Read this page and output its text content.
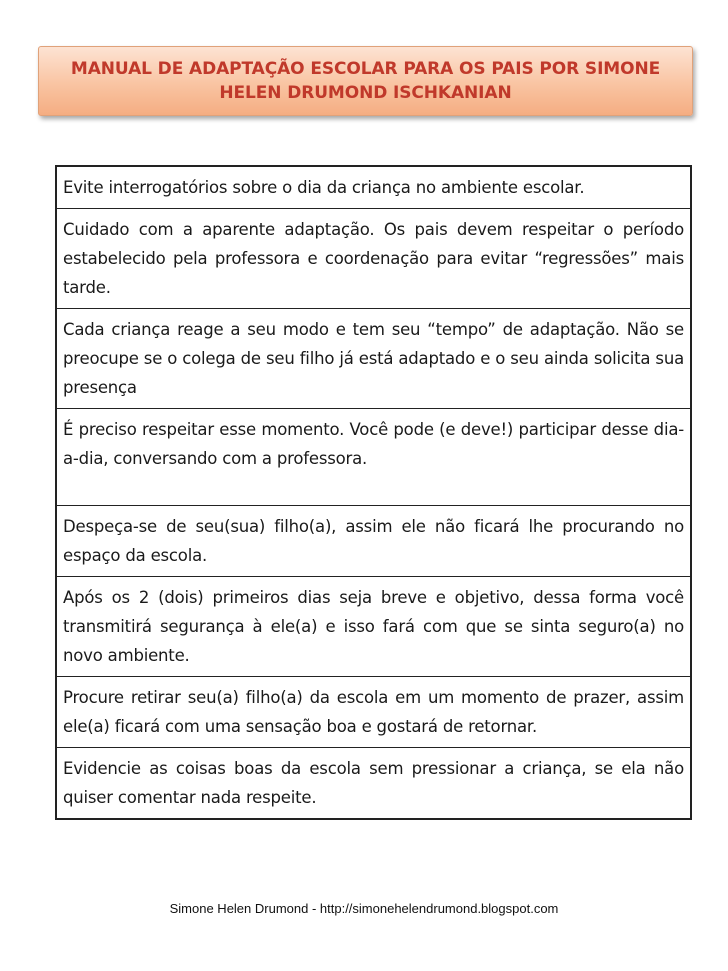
MANUAL DE ADAPTAÇÃO ESCOLAR PARA OS PAIS POR SIMONE HELEN DRUMOND ISCHKANIAN
Evite interrogatórios sobre o dia da criança no ambiente escolar.
Cuidado com a aparente adaptação. Os pais devem respeitar o período estabelecido pela professora e coordenação para evitar “regressões” mais tarde.
Cada criança reage a seu modo e tem seu “tempo” de adaptação. Não se preocupe se o colega de seu filho já está adaptado e o seu ainda solicita sua presença
É preciso respeitar esse momento. Você pode (e deve!) participar desse dia-a-dia, conversando com a professora.
Despeça-se de seu(sua) filho(a), assim ele não ficará lhe procurando no espaço da escola.
Após os 2 (dois) primeiros dias seja breve e objetivo, dessa forma você transmitirá segurança à ele(a) e isso fará com que se sinta seguro(a) no novo ambiente.
Procure retirar seu(a) filho(a) da escola em um momento de prazer, assim ele(a) ficará com uma sensação boa e gostará de retornar.
Evidencie as coisas boas da escola sem pressionar a criança, se ela não quiser comentar nada respeite.
Simone Helen Drumond - http://simonehelendrumond.blogspot.com
